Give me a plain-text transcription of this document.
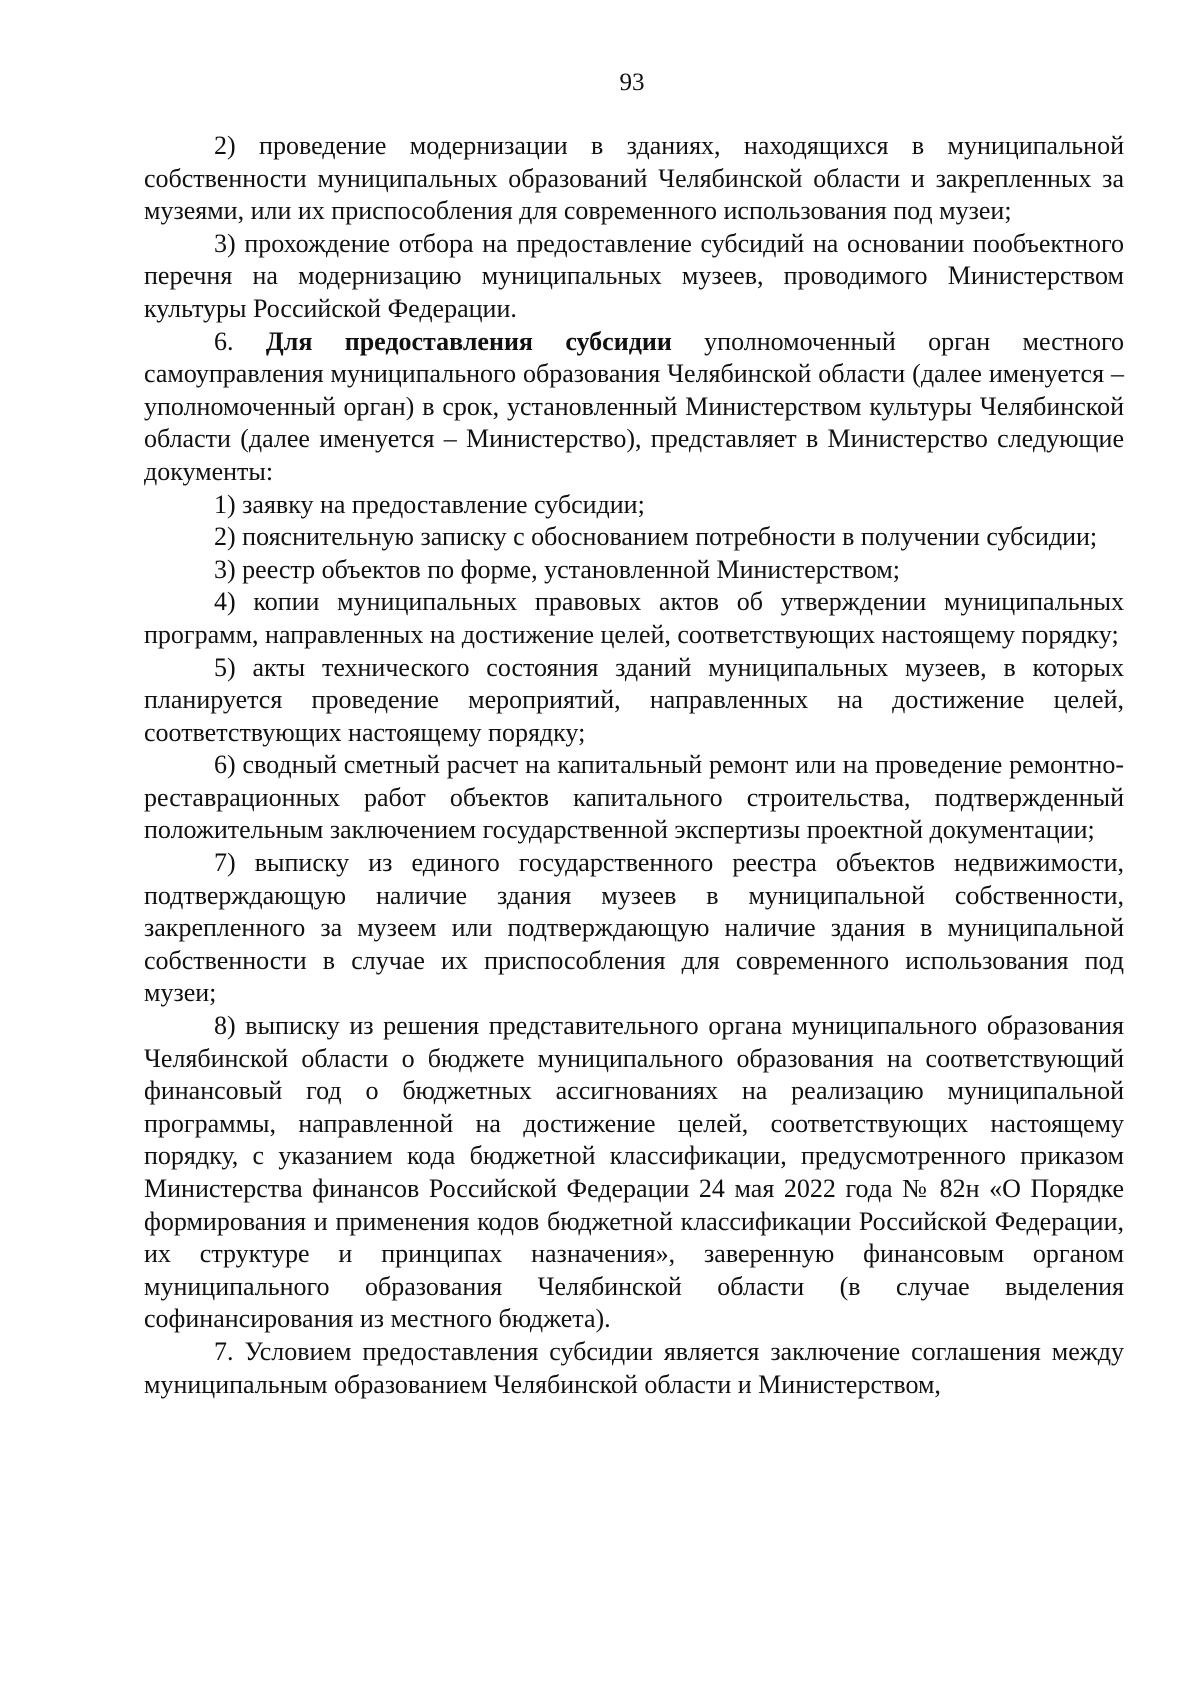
93

2) проведение модернизации в зданиях, находящихся в муниципальной собственности муниципальных образований Челябинской области и закрепленных за музеями, или их приспособления для современного использования под музеи;

3) прохождение отбора на предоставление субсидий на основании пообъектного перечня на модернизацию муниципальных музеев, проводимого Министерством культуры Российской Федерации.

6. Для предоставления субсидии уполномоченный орган местного самоуправления муниципального образования Челябинской области (далее именуется – уполномоченный орган) в срок, установленный Министерством культуры Челябинской области (далее именуется – Министерство), представляет в Министерство следующие документы:

1) заявку на предоставление субсидии;

2) пояснительную записку с обоснованием потребности в получении субсидии;

3) реестр объектов по форме, установленной Министерством;

4) копии муниципальных правовых актов об утверждении муниципальных программ, направленных на достижение целей, соответствующих настоящему порядку;

5) акты технического состояния зданий муниципальных музеев, в которых планируется проведение мероприятий, направленных на достижение целей, соответствующих настоящему порядку;

6) сводный сметный расчет на капитальный ремонт или на проведение ремонтно-реставрационных работ объектов капитального строительства, подтвержденный положительным заключением государственной экспертизы проектной документации;

7) выписку из единого государственного реестра объектов недвижимости, подтверждающую наличие здания музеев в муниципальной собственности, закрепленного за музеем или подтверждающую наличие здания в муниципальной собственности в случае их приспособления для современного использования под музеи;

8) выписку из решения представительного органа муниципального образования Челябинской области о бюджете муниципального образования на соответствующий финансовый год о бюджетных ассигнованиях на реализацию муниципальной программы, направленной на достижение целей, соответствующих настоящему порядку, с указанием кода бюджетной классификации, предусмотренного приказом Министерства финансов Российской Федерации 24 мая 2022 года № 82н «О Порядке формирования и применения кодов бюджетной классификации Российской Федерации, их структуре и принципах назначения», заверенную финансовым органом муниципального образования Челябинской области (в случае выделения софинансирования из местного бюджета).

7. Условием предоставления субсидии является заключение соглашения между муниципальным образованием Челябинской области и Министерством,
